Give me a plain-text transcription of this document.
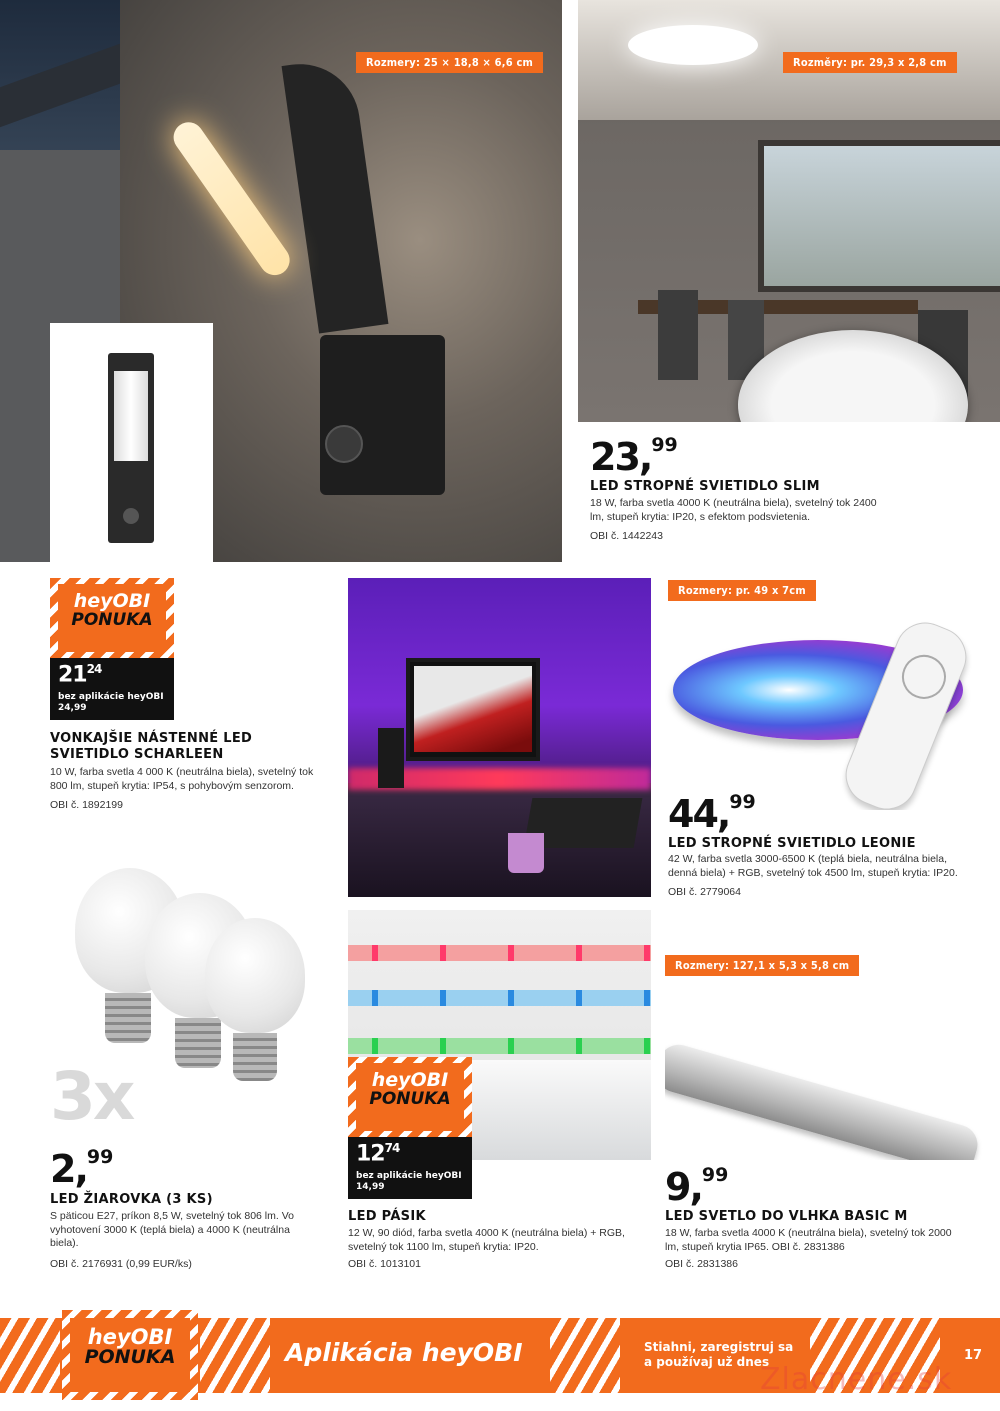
Rozmery: 25 × 18,8 × 6,6 cm	Rozměry: pr. 29,3 x 2,8 cm
23,99
LED STROPNÉ SVIETIDLO SLIM
18 W, farba svetla 4000 K (neutrálna biela), svetelný tok 2400 lm, stupeň krytia: IP20, s efektom podsvietenia.
OBI č. 1442243
heyOBI
PONUKA
$21^{24}$
bez aplikácie heyOBI
24,99
VONKAJŠIE NÁSTENNÉ LED SVIETIDLO SCHARLEEN
10 W, farba svetla 4 000 K (neutrálna biela), svetelný tok 800 lm, stupeň krytia: IP54, s pohybovým senzorom.
OBI č. 1892199
Rozmery: pr. 49 x 7cm
44,99
LED STROPNÉ SVIETIDLO LEONIE
42 W, farba svetla 3000-6500 K (teplá biela, neutrálna biela, denná biela) + RGB, svetelný tok 4500 lm, stupeň krytia: IP20.
OBI č. 2779064
3x
2,99
LED ŽIAROVKA (3 KS)
S päticou E27, príkon 8,5 W, svetelný tok 806 lm. Vo vyhotovení 3000 K (teplá biela) a 4000 K (neutrálna biela).
OBI č. 2176931 (0,99 EUR/ks)
heyOBI
PONUKA
$12^{74}$
bez aplikácie heyOBI
14,99
LED PÁSIK
12 W, 90 diód, farba svetla 4000 K (neutrálna biela) + RGB, svetelný tok 1100 lm, stupeň krytia: IP20.
OBI č. 1013101
Rozmery: 127,1 x 5,3 x 5,8 cm
9,99
LED SVETLO DO VLHKA BASIC M
18 W, farba svetla 4000 K (neutrálna biela), svetelný tok 2000 lm, stupeň krytia IP65. OBI č. 2831386
OBI č. 2831386
heyOBI
PONUKA	Aplikácia heyOBI	Stiahni, zaregistruj sa a používaj už dnes	17
Zlacnene.sk
